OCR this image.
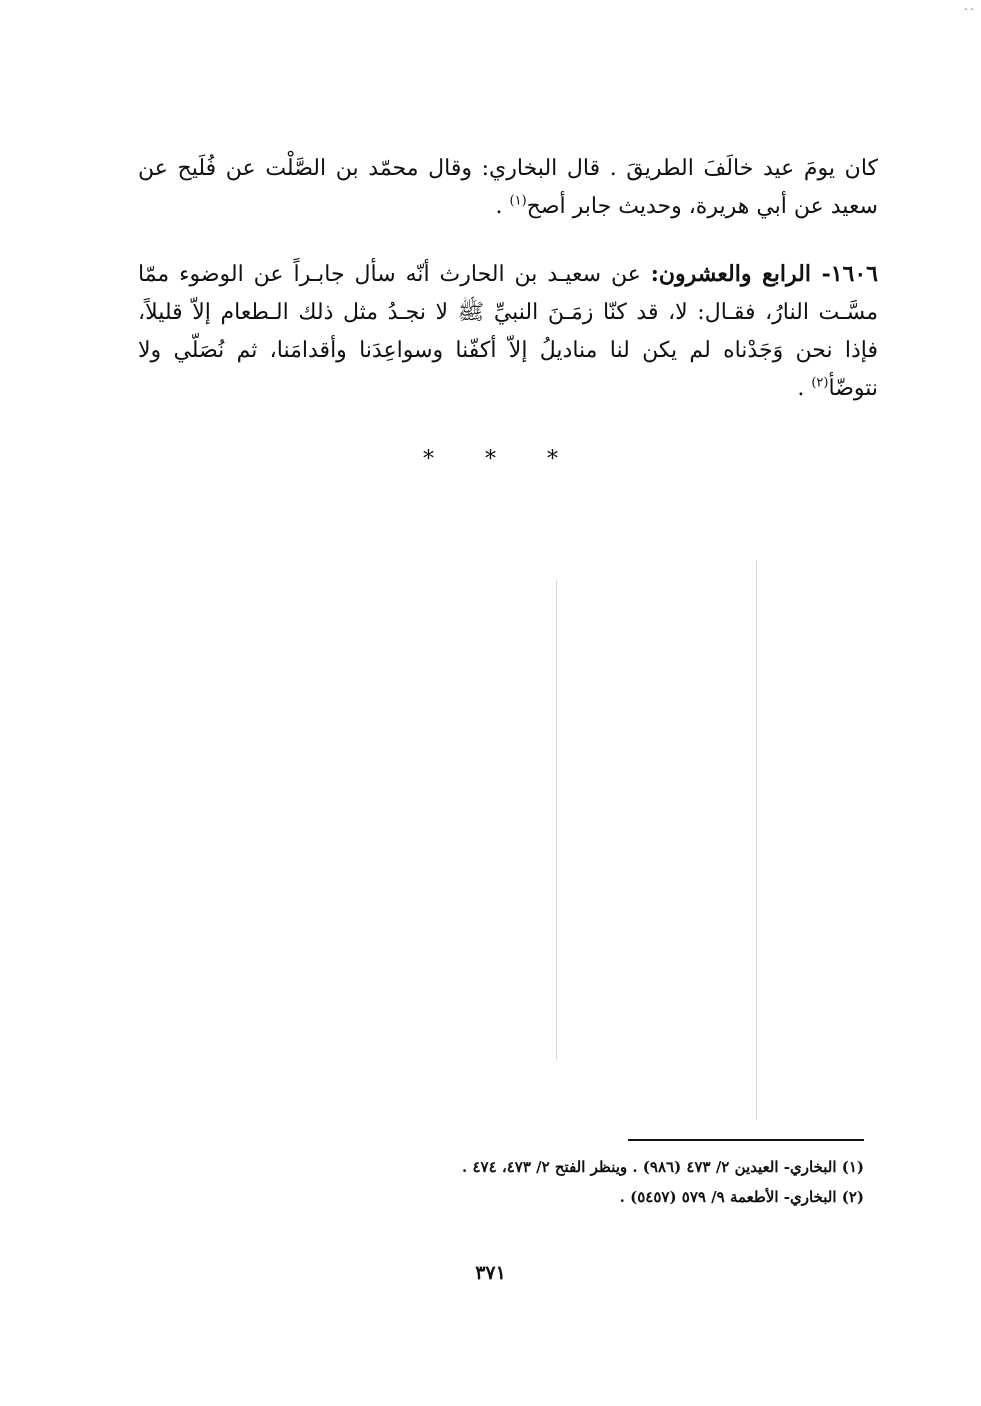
--
كان يومَ عيد خالَفَ الطريقَ . قال البخاري: وقال محمّد بن الصَّلْت عن فُلَيح عن سعيد عن أبي هريرة، وحديث جابر أصح$^{(١)}$ .
١٦٠٦- الرابع والعشرون: عن سعيـد بن الحارث أنّه سأل جابـراً عن الوضوء ممّا مسَّـت النارُ، فقـال: لا، قد كنّا زمَـنَ النبيِّ ﷺ لا نجـدُ مثل ذلك الـطعام إلاّ قليلاً، فإذا نحن وَجَدْناه لم يكن لنا مناديلُ إلاّ أكفّنا وسواعِدَنا وأقدامَنا، ثم نُصَلّي ولا نتوضّأ$^{(٢)}$ .
* * *
(١) البخاري- العيدين ٢/ ٤٧٣ (٩٨٦) . وينظر الفتح ٢/ ٤٧٣، ٤٧٤ .
(٢) البخاري- الأطعمة ٩/ ٥٧٩ (٥٤٥٧) .
٣٧١
